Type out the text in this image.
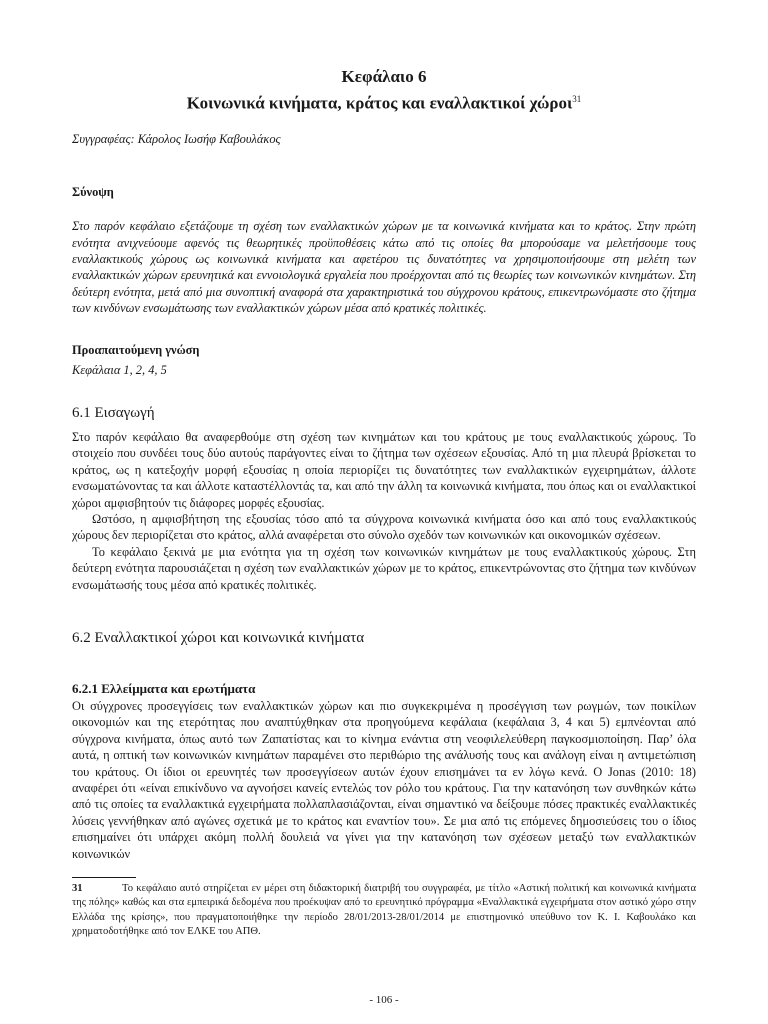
Κεφάλαιο 6
Κοινωνικά κινήματα, κράτος και εναλλακτικοί χώροι$^{31}$
Συγγραφέας: Κάρολος Ιωσήφ Καβουλάκος
Σύνοψη

Στο παρόν κεφάλαιο εξετάζουμε τη σχέση των εναλλακτικών χώρων με τα κοινωνικά κινήματα και το κράτος. Στην πρώτη ενότητα ανιχνεύουμε αφενός τις θεωρητικές προϋποθέσεις κάτω από τις οποίες θα μπορούσαμε να μελετήσουμε τους εναλλακτικούς χώρους ως κοινωνικά κινήματα και αφετέρου τις δυνατότητες να χρησιμοποιήσουμε στη μελέτη των εναλλακτικών χώρων ερευνητικά και εννοιολογικά εργαλεία που προέρχονται από τις θεωρίες των κοινωνικών κινημάτων. Στη δεύτερη ενότητα, μετά από μια συνοπτική αναφορά στα χαρακτηριστικά του σύγχρονου κράτους, επικεντρωνόμαστε στο ζήτημα των κινδύνων ενσωμάτωσης των εναλλακτικών χώρων μέσα από κρατικές πολιτικές.

Προαπαιτούμενη γνώση
Κεφάλαια 1, 2, 4, 5
6.1 Εισαγωγή

Στο παρόν κεφάλαιο θα αναφερθούμε στη σχέση των κινημάτων και του κράτους με τους εναλλακτικούς χώρους. Το στοιχείο που συνδέει τους δύο αυτούς παράγοντες είναι το ζήτημα των σχέσεων εξουσίας. Από τη μια πλευρά βρίσκεται το κράτος, ως η κατεξοχήν μορφή εξουσίας η οποία περιορίζει τις δυνατότητες των εναλλακτικών εγχειρημάτων, άλλοτε ενσωματώνοντας τα και άλλοτε καταστέλλοντάς τα, και από την άλλη τα κοινωνικά κινήματα, που όπως και οι εναλλακτικοί χώροι αμφισβητούν τις διάφορες μορφές εξουσίας.

Ωστόσο, η αμφισβήτηση της εξουσίας τόσο από τα σύγχρονα κοινωνικά κινήματα όσο και από τους εναλλακτικούς χώρους δεν περιορίζεται στο κράτος, αλλά αναφέρεται στο σύνολο σχεδόν των κοινωνικών και οικονομικών σχέσεων.

Το κεφάλαιο ξεκινά με μια ενότητα για τη σχέση των κοινωνικών κινημάτων με τους εναλλακτικούς χώρους. Στη δεύτερη ενότητα παρουσιάζεται η σχέση των εναλλακτικών χώρων με το κράτος, επικεντρώνοντας στο ζήτημα των κινδύνων ενσωμάτωσής τους μέσα από κρατικές πολιτικές.

6.2 Εναλλακτικοί χώροι και κοινωνικά κινήματα
6.2.1 Ελλείμματα και ερωτήματα

Οι σύγχρονες προσεγγίσεις των εναλλακτικών χώρων και πιο συγκεκριμένα η προσέγγιση των ρωγμών, των ποικίλων οικονομιών και της ετερότητας που αναπτύχθηκαν στα προηγούμενα κεφάλαια (κεφάλαια 3, 4 και 5) εμπνέονται από σύγχρονα κινήματα, όπως αυτό των Ζαπατίστας και το κίνημα ενάντια στη νεοφιλελεύθερη παγκοσμιοποίηση. Παρ’ όλα αυτά, η οπτική των κοινωνικών κινημάτων παραμένει στο περιθώριο της ανάλυσής τους και ανάλογη είναι η αντιμετώπιση του κράτους. Οι ίδιοι οι ερευνητές των προσεγγίσεων αυτών έχουν επισημάνει τα εν λόγω κενά. Ο Jonas (2010: 18) αναφέρει ότι «είναι επικίνδυνο να αγνοήσει κανείς εντελώς τον ρόλο του κράτους. Για την κατανόηση των συνθηκών κάτω από τις οποίες τα εναλλακτικά εγχειρήματα πολλαπλασιάζονται, είναι σημαντικό να δείξουμε πόσες πρακτικές εναλλακτικές λύσεις γεννήθηκαν από αγώνες σχετικά με το κράτος και εναντίον του». Σε μια από τις επόμενες δημοσιεύσεις του ο ίδιος επισημαίνει ότι υπάρχει ακόμη πολλή δουλειά να γίνει για την κατανόηση των σχέσεων μεταξύ των εναλλακτικών κοινωνικών

31	Το κεφάλαιο αυτό στηρίζεται εν μέρει στη διδακτορική διατριβή του συγγραφέα, με τίτλο «Αστική πολιτική και κοινωνικά κινήματα της πόλης» καθώς και στα εμπειρικά δεδομένα που προέκυψαν από το ερευνητικό πρόγραμμα «Εναλλακτικά εγχειρήματα στον αστικό χώρο στην Ελλάδα της κρίσης», που πραγματοποιήθηκε την περίοδο 28/01/2013-28/01/2014 με επιστημονικό υπεύθυνο τον Κ. Ι. Καβουλάκο και χρηματοδοτήθηκε από τον ΕΛΚΕ του ΑΠΘ.
- 106 -
